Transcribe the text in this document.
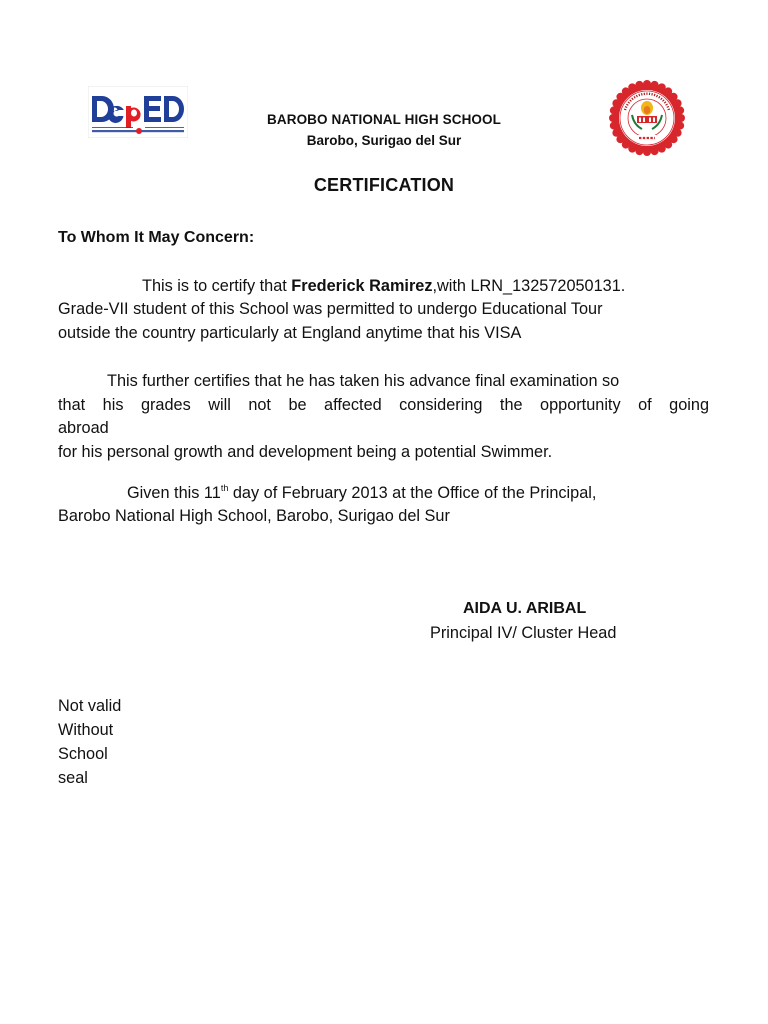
BAROBO NATIONAL HIGH SCHOOL
Barobo, Surigao del Sur
CERTIFICATION
To Whom It May Concern:
This is to certify that Frederick Ramirez,with LRN_132572050131.
Grade-VII student of this School was permitted to undergo Educational Tour
outside the country particularly at England anytime that his VISA
This further certifies that he has taken his advance final examination so
that his grades will not be affected considering the opportunity of going
abroad
for his personal growth and development being a potential Swimmer.
Given this 11th day of February 2013 at the Office of the Principal,
Barobo National High School, Barobo, Surigao del Sur
AIDA U. ARIBAL
Principal IV/ Cluster Head
Not valid
Without
School
seal
